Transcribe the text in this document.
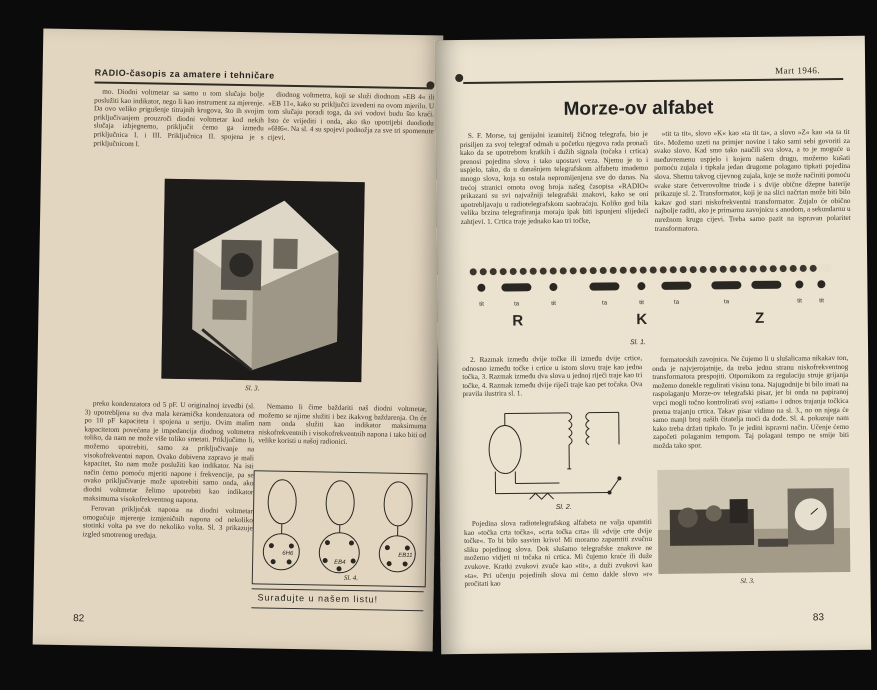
RADIO-časopis za amatere i tehničare

mo. Diodni voltmetar sa samo u tom slučaju bolje poslužiti kao indikator, nego li kao instrument za mjerenje. Da ovo veliko prigušenje titrajnih krugova, što ih svojim priključivanjem prouzroči diodni voltmetar kod nekih slučaja izbjegnemo, priključit ćemo ga između priključnica I. i III. Priključnica II. spojena je s priključnicom I.

diodnog voltmetra, koji se služi diodnom »EB 4« ili »EB 11«, kako su priključci izvedeni na ovom mjerilu. U tom slučaju poradi toga, da svi vodovi budu što kraći. Isto će vrijediti i onda, ako tko upotrijebi duodiodu »6H6«. Na sl. 4 su spojevi podnožja za sve tri spomenute cijevi.

Sl. 3.

preko kondenzatora od 5 pF. U originalnoj izvedbi (sl. 3) upotrebljena su dva mala keramička kondenzatora od po 10 pF kapaciteta i spojena u seriju. Ovim malim kapacitetom povećana je impedancija diodnog voltmetra toliko, da nam ne može više toliko smetati. Priključimo li, možemo upotrebiti, samo za priključivanje na visokofrekventni napon. Ovako dobivena zapravo je mali kapacitet, što nam može poslužiti kao indikator. Na isti način ćemo pomoću mjeriti napone i frekvencije, pa se ovako priključivanje može upotrebiti samo onda, ako diodni voltmetar želimo upotrebiti kao indikator maksimuma visokofrekventnog napona.

Ferovan priključak napona na diodni voltmetar omogućuje mjerenje izmjeničnih napona od nekoliko stotinki volta pa sve do nekoliko volta. Sl. 3 prikazuje izgled smotrenog uređaja.

Nemamo li čime baždariti naš diodni voltmetar, možemo se njime služiti i bez ikakvog baždarenja. On će nam onda služiti kao indikator maksimuma niskofrekventnih i visokofrekventnih napona i tako biti od velike koristi u našoj radionici.

6H6
EB4
EB11
Sl. 4.
Surađujte u našem listu!
82
Mart 1946.
Morze-ov alfabet

S. F. Morse, taj genijalni izumitelj žičnog telegrafa, bio je prisiljen za svoj telegraf odmah u početku njegova rada pronaći kako da se upotrebom kratkih i dužih signala (točaka i crtica) prenosi pojedina slova i tako upostavi veza. Njemu je to i uspjelo, tako, da u današnjem telegrafskom alfabetu imademo mnogo slova, koja su ostala nepromijenjena sve do danas. Na trećoj stranici omota ovog broja našeg časopisa »RADIO« prikazani su svi najvažniji telegrafski znakovi, kako se oni upotrebljavaju u radiotelegrafskom saobraćaju. Koliko god bila velika brzina telegrafiranja moraju ipak biti ispunjeni slijedeći zahtjevi. 1. Crtica traje jednako kao tri točke,

»tit ta tit«, slovo »K« kao »ta tit ta«, a slovo »Z« kao »ta ta tit tit«. Možemo uzeti na primjer novine i tako sami sebi govoriti za svako slovo. Kad smo tako naučili sva slova, a to je moguće u međuvremenu uspjelo i kojem našem drugu, možemo kušati pomoću zujala i tipkala jedan drugome polagano tipkati pojedina slova. Shemu takvog cijevnog zujala, koje se može načiniti pomoću svake stare četverovoltne triode i s dvije obične džepne baterije prikazuje sl. 2. Transformator, koji je na slici načrtan može biti bilo kakav god stari niskofrekventni transformator. Zujalo će obično najbolje raditi, ako je primarnu zavojnicu s anodom, a sekundarnu u mrežnom krugu cijevi. Treba samo pazit na ispravan polaritet transformatora.

tit	ta	tit	ta	tit	ta	ta	tit	tit
R	K	Z
Sl. 1.

2. Razmak između dvije točke ili između dvije crtice, odnosno između točke i crtice u istom slovu traje kao jedna točka, 3. Razmak između dva slova u jednoj riječi traje kao tri točke, 4. Razmak između dvije riječi traje kao pet točaka. Ova pravila ilustrira sl. 1.

Sl. 2.

formatorskih zavojnica. Ne čujemo li u slušalicama nikakav ton, onda je najvjerojatnije, da treba jednu stranu niskofrekventnog transformatora prespojiti. Otpornikom za regulaciju struje grijanja možemo donekle regulirati visinu tona. Najugodnije bi bilo imati na raspolaganju Morze-ov telegrafski pisar, jer bi onda na papiranoj vrpci mogli točno kontrolirati svoj »stiam« i odnos trajanja točkica prema trajanju crtica. Takav pisar vidimo na sl. 3., no on njega će samo manji broj naših čitatelja moći da dođe. Sl. 4. pokazuje nam kako treba držati tipkalo. To je jedini ispravni način. Učenje ćemo započeti polaganim tempom. Taj polagani tempo ne smije biti možda tako spor.

Pojedina slova radiotelegrafskog alfabeta ne valja upamtiti kao »točka crta točka«, »crta točka crta« ili »dvije crte dvije točke«. To bi bilo sasvim krivo! Mi moramo zapamtiti zvučnu sliku pojedinog slova. Dok slušamo telegrafske znakove ne možemo vidjeti ni točaka ni crtica. Mi čujemo kraće ili duže zvukove. Kratki zvukovi zvuče kao »tit«, a duži zvukovi kao »ta«. Pri učenju pojedinih slova mi ćemo dakle slovo »r« pročitati kao	Sl. 3.
83
